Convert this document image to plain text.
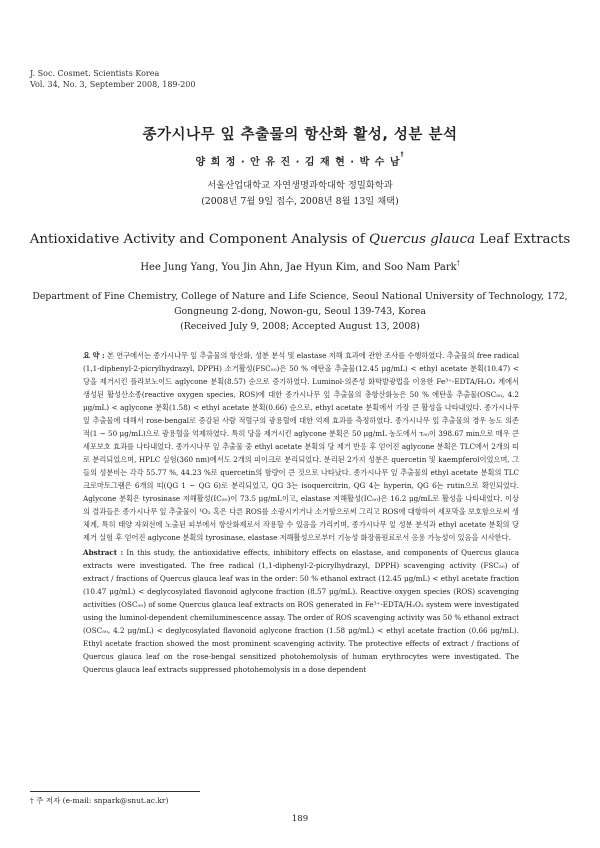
J. Soc. Cosmet. Scientists Korea
Vol. 34, No. 3, September 2008, 189-200
종가시나무 잎 추출물의 항산화 활성, 성분 분석
양 희 정 · 안 유 진 · 김 재 현 · 박 수 남†
서울산업대학교 자연생명과학대학 정밀화학과
(2008년 7월 9일 접수, 2008년 8월 13일 채택)
Antioxidative Activity and Component Analysis of Quercus glauca Leaf Extracts
Hee Jung Yang, You Jin Ahn, Jae Hyun Kim, and Soo Nam Park†
Department of Fine Chemistry, College of Nature and Life Science, Seoul National University of Technology, 172,
Gongneung 2-dong, Nowon-gu, Seoul 139-743, Korea
(Received July 9, 2008; Accepted August 13, 2008)

요 약 : 본 연구에서는 종가시나무 잎 추출물의 항산화, 성분 분석 및 elastase 저해 효과에 관한 조사를 수행하였다. 추출물의 free radical (1,1-diphenyl-2-picrylhydrazyl, DPPH) 소거활성(FSC₅₀)은 50 % 에탄올 추출물(12.45 μg/mL) < ethyl acetate 분획(10.47) < 당을 제거시킨 플라보노이드 aglycone 분획(8.57) 순으로 증가하였다. Luminol-의존성 화학발광법을 이용한 Fe³⁺-EDTA/H₂O₂ 계에서 생성된 활성산소종(reactive oxygen species, ROS)에 대한 종가시나무 잎 추출물의 총항산화능은 50 % 에탄올 추출물(OSC₅₀, 4.2 μg/mL) < aglycone 분획(1.58) < ethyl acetate 분획(0.66) 순으로, ethyl acetate 분획에서 가장 큰 활성을 나타내었다. 종가시나무 잎 추출물에 대해서 rose-bengal로 증감된 사람 적혈구의 광용혈에 대한 억제 효과를 측정하였다. 종가시나무 잎 추출물의 경우 농도 의존적(1 ~ 50 μg/mL)으로 광용혈을 억제하였다. 특히 당을 제거시킨 aglycone 분획은 50 μg/mL 농도에서 τ₅₀이 398.67 min으로 매우 큰 세포보호 효과를 나타내었다. 종가시나무 잎 추출물 중 ethyl acetate 분획의 당 제거 반응 후 얻어진 aglycone 분획은 TLC에서 2개의 띠로 분리되었으며, HPLC 실험(360 nm)에서도 2개의 피이크로 분리되었다. 분리된 2가지 성분은 quercetin 및 kaempferol이었으며, 그들의 성분비는 각각 55.77 %, 44.23 %로 quercetin의 함량이 큰 것으로 나타났다. 종가시나무 잎 추출물의 ethyl acetate 분획의 TLC 크로마토그램은 6개의 띠(QG 1 ~ QG 6)로 분리되었고, QG 3는 isoquercitrin, QG 4는 hyperin, QG 6는 rutin으로 확인되었다. Aglycone 분획은 tyrosinase 저해활성(IC₅₀)이 73.5 μg/mL이고, elastase 저해활성(IC₅₀)은 16.2 μg/mL로 활성을 나타내었다. 이상의 결과들은 종가시나무 잎 추출물이 ¹O₂ 혹은 다른 ROS를 소광시키거나 소거함으로써 그리고 ROS에 대항하여 세포막을 보호함으로써 생체계, 특히 태양 자외선에 노출된 피부에서 항산화제로서 작용할 수 있음을 가리키며, 종가시나무 잎 성분 분석과 ethyl acetate 분획의 당 제거 실험 후 얻어진 aglycone 분획의 tyrosinase, elastase 저해활성으로부터 기능성 화장품원료로서 응용 가능성이 있음을 시사한다.

Abstract : In this study, the antioxidative effects, inhibitory effects on elastase, and components of Quercus glauca extracts were investigated. The free radical (1,1-diphenyl-2-picrylhydrazyl, DPPH) scavenging activity (FSC₅₀) of extract / fractions of Quercus glauca leaf was in the order: 50 % ethanol extract (12.45 μg/mL) < ethyl acetate fraction (10.47 μg/mL) < deglycosylated flavonoid aglycone fraction (8.57 μg/mL). Reactive oxygen species (ROS) scavenging activities (OSC₅₀) of some Quercus glauca leaf extracts on ROS generated in Fe³⁺-EDTA/H₂O₂ system were investigated using the luminol-dependent chemiluminescence assay. The order of ROS scavenging activity was 50 % ethanol extract (OSC₅₀, 4.2 μg/mL) < deglycosylated flavonoid aglycone fraction (1.58 μg/mL) < ethyl acetate fraction (0.66 μg/mL). Ethyl acetate fraction showed the most prominent scavenging activity. The protective effects of extract / fractions of Quercus glauca leaf on the rose-bengal sensitized photohemolysis of human erythrocytes were investigated. The Quercus glauca leaf extracts suppressed photohemolysis in a dose dependent

† 주 저자 (e-mail: snpark@snut.ac.kr)
189
